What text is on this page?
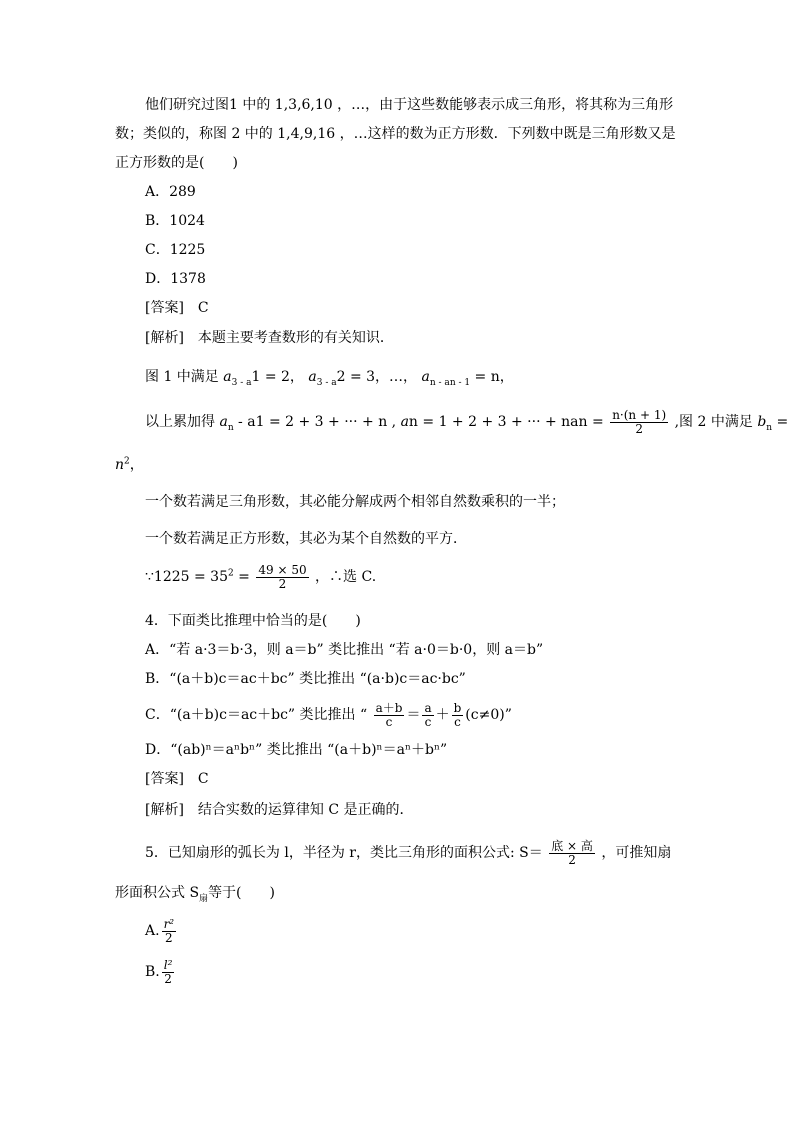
他们研究过图1 中的 1,3,6,10 ，…，由于这些数能够表示成三角形，将其称为三角形
数；类似的，称图 2 中的 1,4,9,16 ，…这样的数为正方形数．下列数中既是三角形数又是
正方形数的是(　　)
A．289
B．1024
C．1225
D．1378
[答案]　C
[解析]　本题主要考查数形的有关知识．
图 1 中满足 $a_{3 - a}1 = 2$， $a_{3 - a}2 = 3$，…， $a_{n - an - 1} = n$，
以上累加得 $a_n - a1 = 2 + 3$ + ··· + n , an = 1 + 2 + 3 + ··· + nan = $\frac{n\cdot(n + 1)}{2}$ ,图 2 中满足 $b_n$ =
$n^2$，
一个数若满足三角形数，其必能分解成两个相邻自然数乘积的一半；
一个数若满足正方形数，其必为某个自然数的平方．
∵1225 = $35^2 = \frac{49 \times 50}{2}$ ，∴选 C.
4．下面类比推理中恰当的是(　　)
A．“若 a·3＝b·3，则 a＝b” 类比推出 “若 a·0＝b·0，则 a＝b”
B．“(a＋b)c＝ac＋bc” 类比推出 “(a·b)c＝ac·bc”
C．“(a＋b)c＝ac＋bc” 类比推出 “ $\frac{a+b}{c} = \frac{a}{c} + \frac{b}{c} (c\ne 0)$”
D．“(ab)ⁿ＝aⁿbⁿ” 类比推出 “(a＋b)ⁿ＝aⁿ＋bⁿ”
[答案]　C
[解析]　结合实数的运算律知 C 是正确的．
5．已知扇形的弧长为 l，半径为 r，类比三角形的面积公式: $S= \frac{\text{底 × 高}}{2}$ ，可推知扇
形面积公式 $S_扇$等于(　　)
A. $\frac{\text{r²}}{2}$
B. $\frac{\text{l²}}{2}$
